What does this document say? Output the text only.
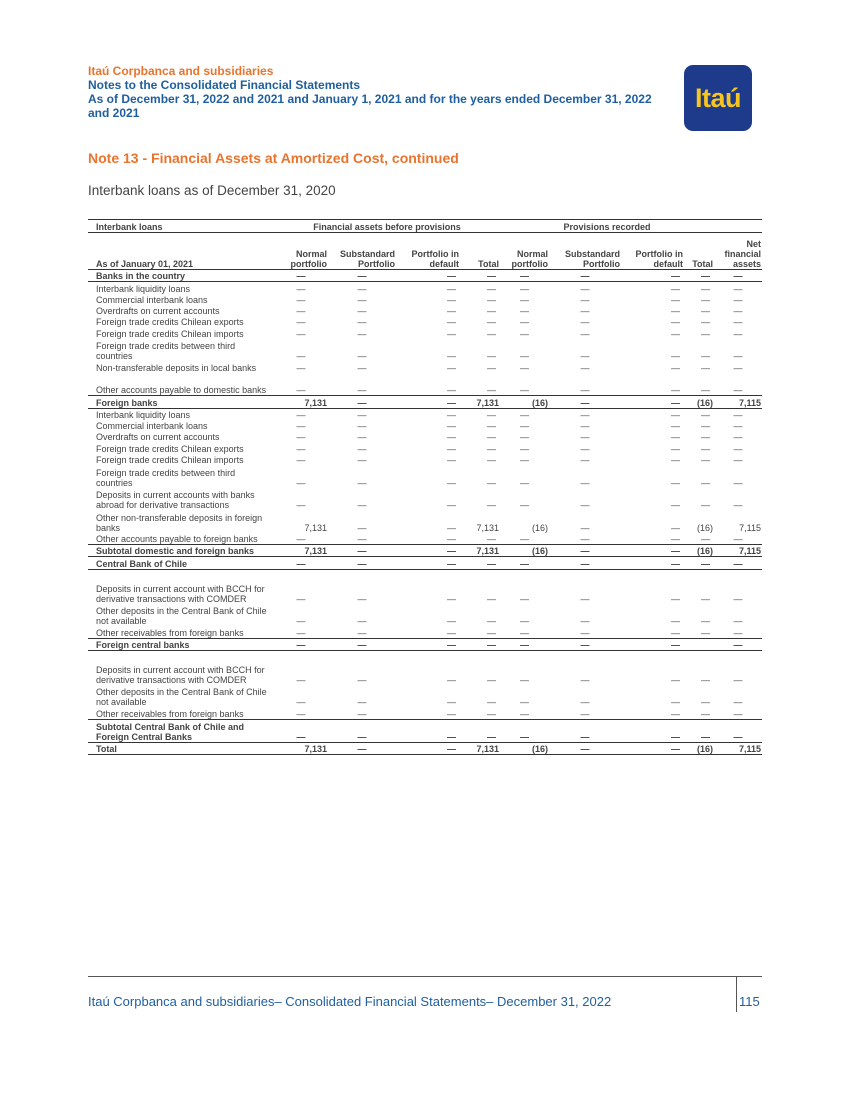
Itaú Corpbanca and subsidiaries
Notes to the Consolidated Financial Statements
As of December 31, 2022 and 2021 and January 1, 2021 and for the years ended December 31, 2022
and 2021
Itaú
Note 13 - Financial Assets at Amortized Cost, continued
Interbank loans as of December 31, 2020
Interbank loans	Financial assets before provisions				Provisions recorded				
As of January 01, 2021	Normal portfolio	Substandard Portfolio	Portfolio in default	Total	Normal portfolio	Substandard Portfolio	Portfolio in default	Total	Net financial assets
Banks in the country	—	—	—	—	—	—	—	—	—
Interbank liquidity loans	—	—	—	—	—	—	—	—	—
Commercial interbank loans	—	—	—	—	—	—	—	—	—
Overdrafts on current accounts	—	—	—	—	—	—	—	—	—
Foreign trade credits Chilean exports	—	—	—	—	—	—	—	—	—
Foreign trade credits Chilean imports	—	—	—	—	—	—	—	—	—
Foreign trade credits between third countries	—	—	—	—	—	—	—	—	—
Non-transferable deposits in local banks	—	—	—	—	—	—	—	—	—
Other accounts payable to domestic banks	—	—	—	—	—	—	—	—	—
Foreign banks	7,131	—	—	7,131	(16)	—	—	(16)	7,115
Interbank liquidity loans	—	—	—	—	—	—	—	—	—
Commercial interbank loans	—	—	—	—	—	—	—	—	—
Overdrafts on current accounts	—	—	—	—	—	—	—	—	—
Foreign trade credits Chilean exports	—	—	—	—	—	—	—	—	—
Foreign trade credits Chilean imports	—	—	—	—	—	—	—	—	—
Foreign trade credits between third countries	—	—	—	—	—	—	—	—	—
Deposits in current accounts with banks abroad for derivative transactions	—	—	—	—	—	—	—	—	—
Other non-transferable deposits in foreign banks	7,131	—	—	7,131	(16)	—	—	(16)	7,115
Other accounts payable to foreign banks	—	—	—	—	—	—	—	—	—
Subtotal domestic and foreign banks	7,131	—	—	7,131	(16)	—	—	(16)	7,115
Central Bank of Chile	—	—	—	—	—	—	—	—	—
Deposits in current account with BCCH for derivative transactions with COMDER	—	—	—	—	—	—	—	—	—
Other deposits in the Central Bank of Chile not available	—	—	—	—	—	—	—	—	—
Other receivables from foreign banks	—	—	—	—	—	—	—	—	—
Foreign central banks	—	—	—	—	—	—	—		—
Deposits in current account with BCCH for derivative transactions with COMDER	—	—	—	—	—	—	—	—	—
Other deposits in the Central Bank of Chile not available	—	—	—	—	—	—	—	—	—
Other receivables from foreign banks	—	—	—	—	—	—	—	—	—
Subtotal Central Bank of Chile and Foreign Central Banks	—	—	—	—	—	—	—	—	—
Total	7,131	—	—	7,131	(16)	—	—	(16)	7,115
Itaú Corpbanca and subsidiaries– Consolidated Financial Statements– December 31, 2022	115
